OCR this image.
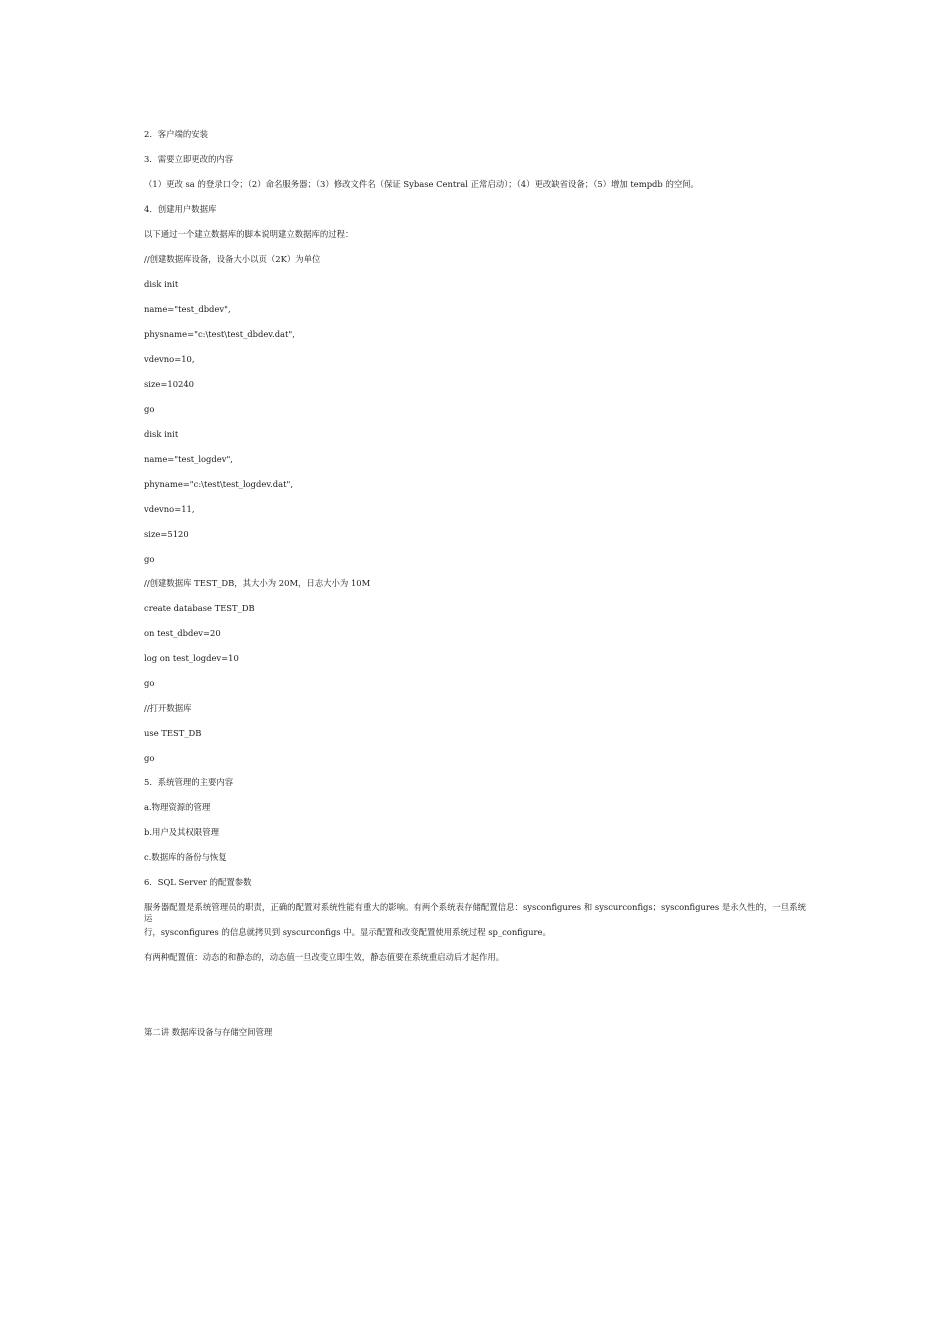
2．客户端的安装

3．需要立即更改的内容

（1）更改 sa 的登录口令；（2）命名服务器；（3）修改文件名（保证 Sybase Central 正常启动）；（4）更改缺省设备；（5）增加 tempdb 的空间。

4．创建用户数据库

以下通过一个建立数据库的脚本说明建立数据库的过程：

//创建数据库设备，设备大小以页（2K）为单位

disk init

name="test_dbdev",

physname="c:\test\test_dbdev.dat",

vdevno=10,

size=10240

go

disk init

name="test_logdev",

phyname="c:\test\test_logdev.dat",

vdevno=11,

size=5120

go

//创建数据库 TEST_DB，其大小为 20M，日志大小为 10M

create database TEST_DB

on test_dbdev=20

log on test_logdev=10

go

//打开数据库

use TEST_DB

go

5．系统管理的主要内容

a.物理资源的管理

b.用户及其权限管理

c.数据库的备份与恢复

6．SQL Server 的配置参数

服务器配置是系统管理员的职责，正确的配置对系统性能有重大的影响。有两个系统表存储配置信息：sysconfigures 和 syscurconfigs；sysconfigures 是永久性的，一旦系统运

行，sysconfigures 的信息就拷贝到 syscurconfigs 中。显示配置和改变配置使用系统过程 sp_configure。

有两种配置值：动态的和静态的，动态值一旦改变立即生效，静态值要在系统重启动后才起作用。

第二讲 数据库设备与存储空间管理
